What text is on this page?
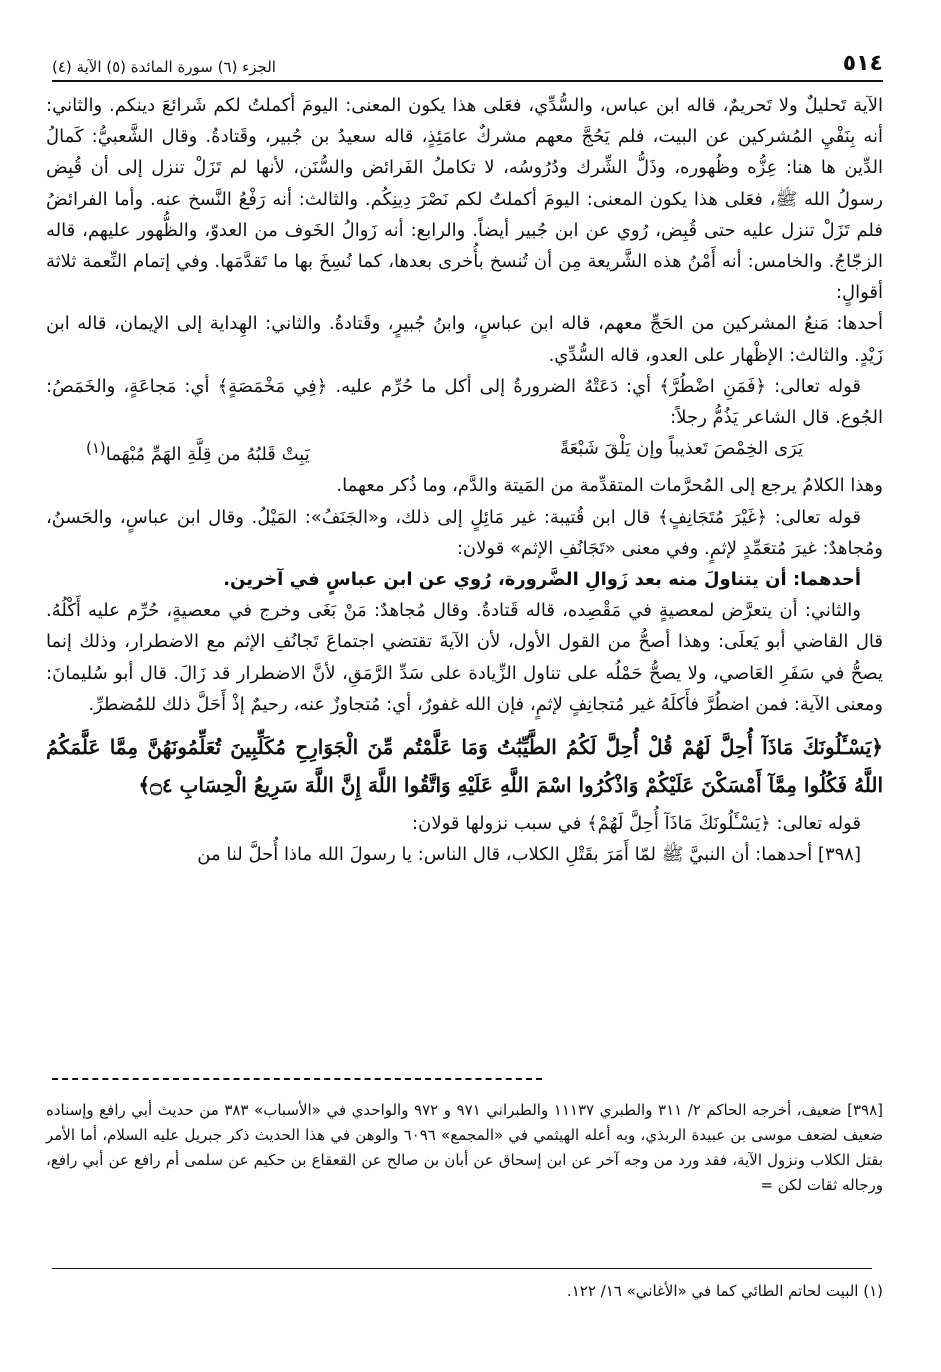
٥١٤
الجزء (٦) سورة المائدة (٥) الآية (٤)

الآية تَحليلٌ ولا تَحريمٌ، قاله ابن عباس، والسُّدِّي، فعَلى هذا يكون المعنى: اليومَ أكملتُ لكم شَرائعَ دينكم. والثاني: أنه بِنَفْيِ المُشركين عن البيت، فلم يَحُجَّ معهم مشركٌ عامَئِذٍ، قاله سعيدُ بن جُبير، وقَتادةُ. وقال الشَّعبيُّ: كَمالُ الدِّين ها هنا: عِزُّه وظُهوره، وذَلُّ الشِّرك ودُرُوسُه، لا تكاملُ الفَرائض والسُّنَن، لأنها لم تَزَلْ تنزل إلى أن قُبِض رسولُ الله ﷺ، فعَلى هذا يكون المعنى: اليومَ أكملتُ لكم نَصْرَ دِينِكُم. والثالث: أنه رَفْعُ النَّسخ عنه. وأما الفرائضُ فلم تَزَلْ تنزل عليه حتى قُبِض، رُوي عن ابن جُبير أيضاً. والرابع: أنه زَوالُ الخَوف من العدوّ، والظُّهور عليهم، قاله الزجّاجُ. والخامس: أنه أَمْنُ هذه الشَّريعة مِن أن تُنسخ بأُخرى بعدها، كما نُسِخَ بها ما تَقدَّمَها. وفي إتمام النِّعمة ثلاثة أقوالٍ:

أحدها: مَنعُ المشركين من الحَجِّ معهم، قاله ابن عباسٍ، وابنُ جُبيرٍ، وقَتادةُ. والثاني: الهِداية إلى الإيمان، قاله ابن زَيْدٍ. والثالث: الإظْهار على العدو، قاله السُّدِّي.

قوله تعالى: ﴿فَمَنِ اضْطُرَّ﴾ أي: دَعَتْهُ الضرورةُ إلى أكل ما حُرِّم عليه. ﴿فِي مَخْمَصَةٍ﴾ أي: مَجاعَةٍ، والخَمَصُ: الجُوع. قال الشاعر يَذُمُّ رجلاً:

يَرَى الخِمْصَ تَعذيباً وإن يَلْقَ شَبْعَةً
يَبِتْ قَلبُهُ من قِلَّةِ الهَمِّ مُبْهَما$^{(١)}$

وهذا الكلامُ يرجع إلى المُحرَّمات المتقدِّمة من المَيتة والدَّم، وما ذُكر معهما.

قوله تعالى: ﴿غَيْرَ مُتَجَانِفٍ﴾ قال ابن قُتيبة: غير مَائِلٍ إلى ذلك، و«الجَنَفُ»: المَيْلُ. وقال ابن عباسٍ، والحَسنُ، ومُجاهدٌ: غيرَ مُتعَمِّدٍ لإثمٍ. وفي معنى «تَجَانُفِ الإثم» قولان:

أحدهما: أن يتناولَ منه بعد زَوالِ الضَّرورة، رُوي عن ابن عباسٍ في آخرين.

والثاني: أن يتعرَّض لمعصيةٍ في مَقْصِده، قاله قَتادةُ. وقال مُجاهدٌ: مَنْ بَغَى وخرج في معصيةٍ، حُرِّم عليه أَكْلُهُ. قال القاضي أبو يَعلَى: وهذا أصحُّ من القول الأول، لأن الآيةَ تقتضي اجتماعَ تَجانُفِ الإثم مع الاضطرار، وذلك إنما يصحُّ في سَفَرِ العَاصي، ولا يصحُّ حَمْلُه على تناول الزِّيادة على سَدِّ الرَّمَقِ، لأنَّ الاضطرار قد زَالَ. قال أبو سُليمانَ: ومعنى الآية: فمن اضطُرَّ فأَكلَهُ غير مُتجانِفٍ لإثمٍ، فإن الله غفورٌ، أي: مُتجاوزٌ عنه، رحيمٌ إذْ أَحَلَّ ذلك للمُضطرِّ.

﴿يَسْـَٔلُونَكَ مَاذَآ أُحِلَّ لَهُمْ قُلْ أُحِلَّ لَكُمُ الطَّيِّبَٰتُ وَمَا عَلَّمْتُم مِّنَ الْجَوَارِحِ مُكَلِّبِينَ تُعَلِّمُونَهُنَّ مِمَّا عَلَّمَكُمُ اللَّهُ فَكُلُوا مِمَّآ أَمْسَكْنَ عَلَيْكُمْ وَاذْكُرُوا اسْمَ اللَّهِ عَلَيْهِ وَاتَّقُوا اللَّهَ إِنَّ اللَّهَ سَرِيعُ الْحِسَابِ ۝٤﴾

قوله تعالى: ﴿يَسْـَٔلُونَكَ مَاذَآ أُحِلَّ لَهُمْ﴾ في سبب نزولها قولان:

[٣٩٨] أحدهما: أن النبيَّ ﷺ لمّا أَمَرَ بقَتْلِ الكلاب، قال الناس: يا رسولَ الله ماذا أُحلَّ لنا من

[٣٩٨] ضعيف، أخرجه الحاكم ٢/ ٣١١ والطبري ١١١٣٧ والطبراني ٩٧١ و ٩٧٢ والواحدي في «الأسباب» ٣٨٣ من حديث أبي رافع وإسناده ضعيف لضعف موسى بن عبيدة الربذي، وبه أعله الهيثمي في «المجمع» ٦٠٩٦ والوهن في هذا الحديث ذكر جبريل عليه السلام، أما الأمر بقتل الكلاب ونزول الآية، فقد ورد من وجه آخر عن ابن إسحاق عن أبان بن صالح عن القعقاع بن حكيم عن سلمى أم رافع عن أبي رافع، ورجاله ثقات لكن =
(١) البيت لحاتم الطائي كما في «الأغاني» ١٦/ ١٢٢.
